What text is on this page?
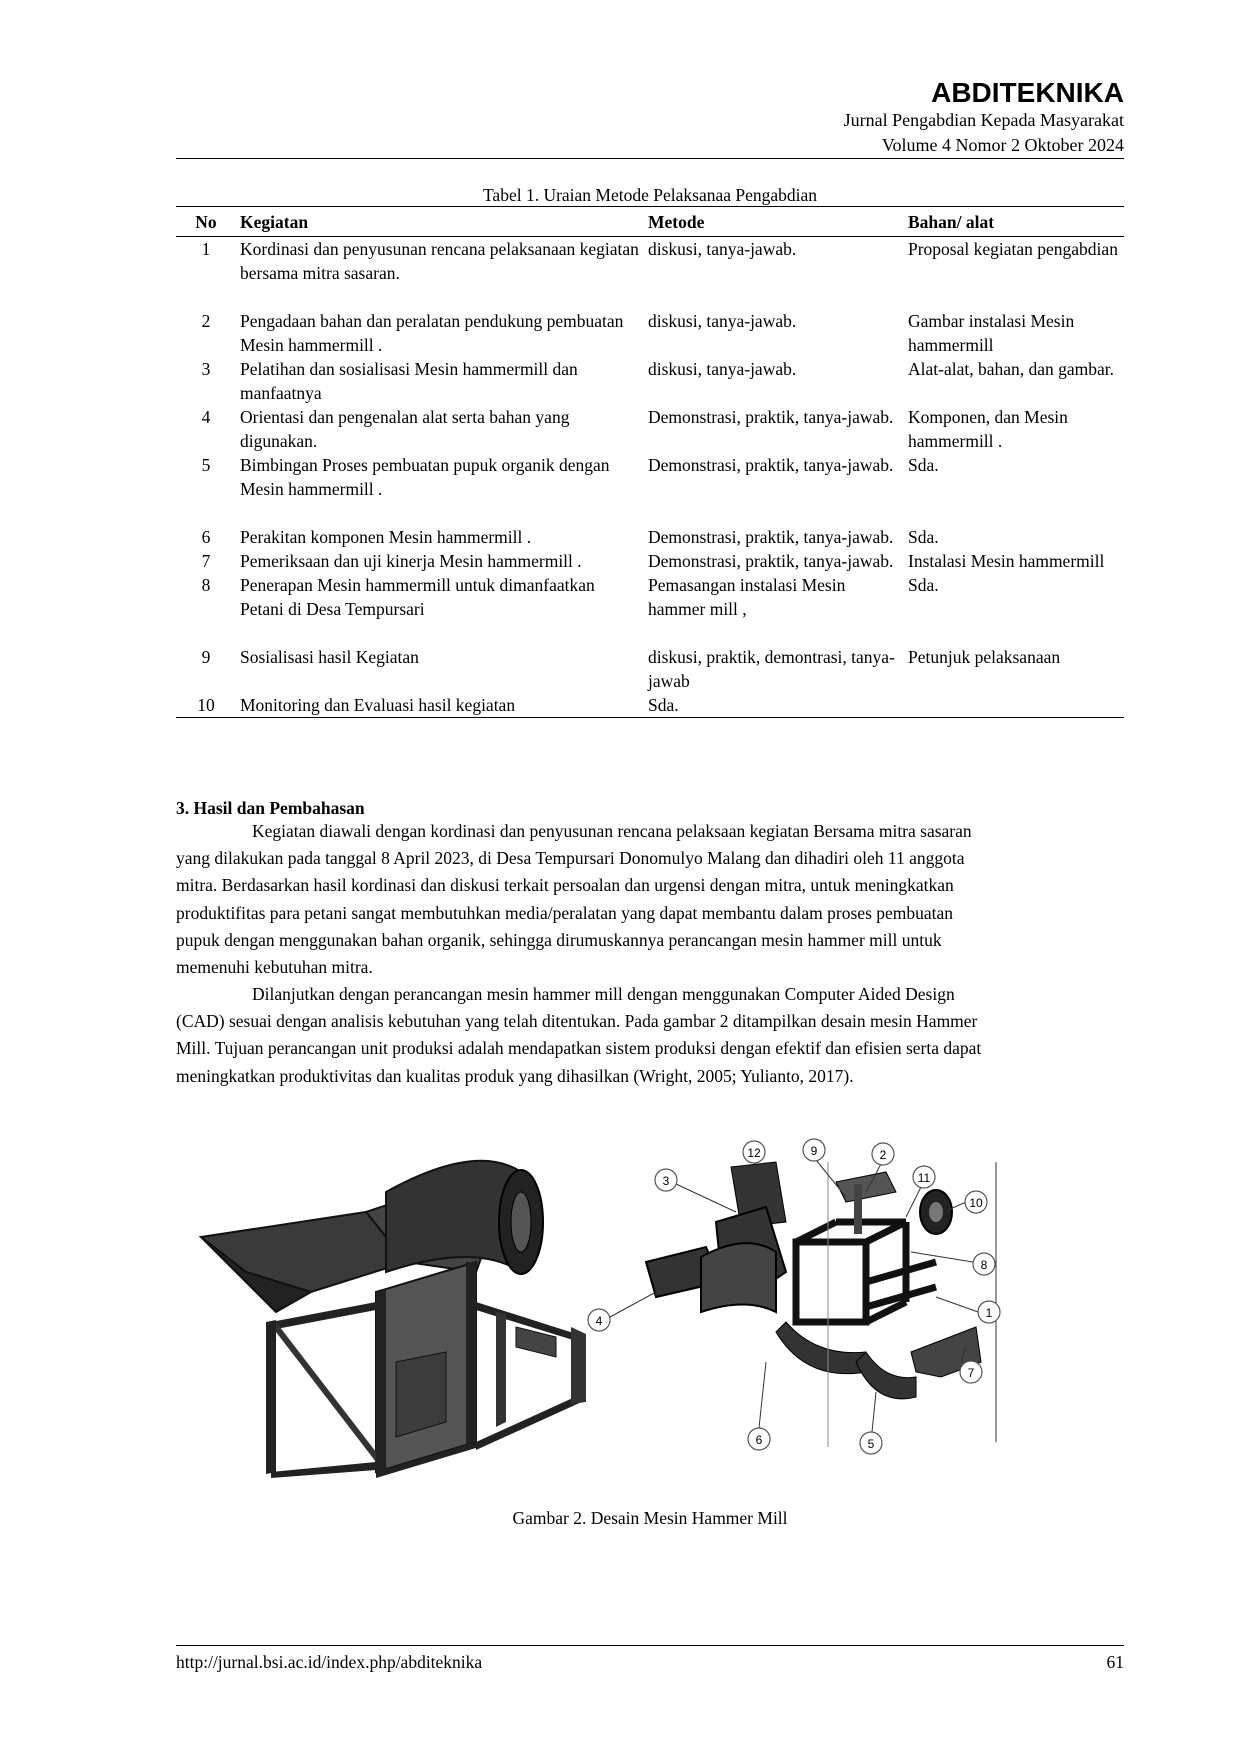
ABDITEKNIKA
Jurnal Pengabdian Kepada Masyarakat
Volume 4 Nomor 2 Oktober 2024
Tabel 1. Uraian Metode Pelaksanaa Pengabdian
No	Kegiatan	Metode	Bahan/ alat
1	Kordinasi dan penyusunan rencana pelaksanaan kegiatan bersama mitra sasaran.	diskusi, tanya-jawab.	Proposal kegiatan pengabdian
2	Pengadaan bahan dan peralatan pendukung pembuatan Mesin hammermill .	diskusi, tanya-jawab.	Gambar instalasi Mesin hammermill
3	Pelatihan dan sosialisasi Mesin hammermill dan manfaatnya	diskusi, tanya-jawab.	Alat-alat, bahan, dan gambar.
4	Orientasi dan pengenalan alat serta bahan yang digunakan.	Demonstrasi, praktik, tanya-jawab.	Komponen, dan Mesin hammermill .
5	Bimbingan Proses pembuatan pupuk organik dengan Mesin hammermill .	Demonstrasi, praktik, tanya-jawab.	Sda.
6	Perakitan komponen Mesin hammermill .	Demonstrasi, praktik, tanya-jawab.	Sda.
7	Pemeriksaan dan uji kinerja Mesin hammermill .	Demonstrasi, praktik, tanya-jawab.	Instalasi Mesin hammermill
8	Penerapan Mesin hammermill untuk dimanfaatkan Petani di Desa Tempursari	Pemasangan instalasi Mesin hammer mill ,	Sda.
9	Sosialisasi hasil Kegiatan	diskusi, praktik, demontrasi, tanya-jawab	Petunjuk pelaksanaan
10	Monitoring dan Evaluasi hasil kegiatan	Sda.	
3. Hasil dan Pembahasan
Kegiatan diawali dengan kordinasi dan penyusunan rencana pelaksaan kegiatan Bersama mitra sasaran
yang dilakukan pada tanggal 8 April 2023, di Desa Tempursari Donomulyo Malang dan dihadiri oleh 11 anggota
mitra. Berdasarkan hasil kordinasi dan diskusi terkait persoalan dan urgensi dengan mitra, untuk meningkatkan
produktifitas para petani sangat membutuhkan media/peralatan yang dapat membantu dalam proses pembuatan
pupuk dengan menggunakan bahan organik, sehingga dirumuskannya perancangan mesin hammer mill untuk
memenuhi kebutuhan mitra.
Dilanjutkan dengan perancangan mesin hammer mill dengan menggunakan Computer Aided Design
(CAD) sesuai dengan analisis kebutuhan yang telah ditentukan. Pada gambar 2 ditampilkan desain mesin Hammer
Mill. Tujuan perancangan unit produksi adalah mendapatkan sistem produksi dengan efektif dan efisien serta dapat
meningkatkan produktivitas dan kualitas produk yang dihasilkan (Wright, 2005; Yulianto, 2017).
12	9	2
3	11
10
8
1
4
7
6	5
Gambar 2. Desain Mesin Hammer Mill
http://jurnal.bsi.ac.id/index.php/abditeknika	61
